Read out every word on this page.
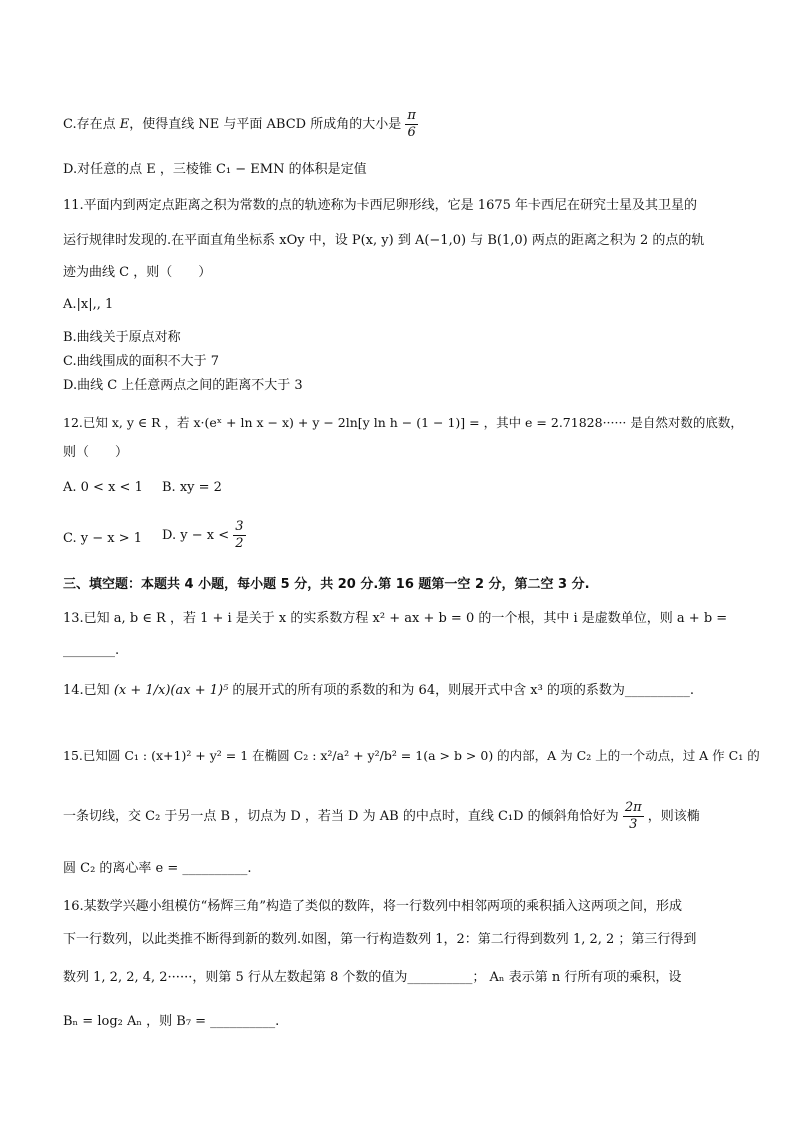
C.存在点 E，使得直线 NE 与平面 ABCD 所成角的大小是 $\frac{\pi}{6}$
D.对任意的点 E ，三棱锥 C₁ − EMN 的体积是定值
11.平面内到两定点距离之积为常数的点的轨迹称为卡西尼卵形线，它是 1675 年卡西尼在研究士星及其卫星的
运行规律时发现的.在平面直角坐标系 xOy 中，设 P(x, y) 到 A(−1,0) 与 B(1,0) 两点的距离之积为 2 的点的轨
迹为曲线 C ，则（　　）
A.|x|,, 1
B.曲线关于原点对称
C.曲线围成的面积不大于 7
D.曲线 C 上任意两点之间的距离不大于 3
12.已知 x, y ∈ R ，若 x·(eˣ + ln x − x) + y − 2ln[y ln h − (1 − 1)] = ，其中 e = 2.71828······ 是自然对数的底数，
则（　　）
A. 0 < x < 1 B. xy = 2
C. y − x > 1 D. $y - x < \frac{3}{2}$
三、填空题：本题共 4 小题，每小题 5 分，共 20 分.第 16 题第一空 2 分，第二空 3 分.
13.已知 a, b ∈ R ，若 1 + i 是关于 x 的实系数方程 x² + ax + b = 0 的一个根，其中 i 是虚数单位，则 a + b =
________.
14.已知 (x + 1/x)(ax + 1)⁵ 的展开式的所有项的系数的和为 64，则展开式中含 x³ 的项的系数为__________.
15.已知圆 C₁ : (x+1)² + y² = 1 在椭圆 C₂ : x²/a² + y²/b² = 1(a > b > 0) 的内部，A 为 C₂ 上的一个动点，过 A 作 C₁ 的
一条切线，交 C₂ 于另一点 B ，切点为 D ，若当 D 为 AB 的中点时，直线 C₁D 的倾斜角恰好为 $\frac{2\pi}{3}$ ，则该椭
圆 C₂ 的离心率 e = __________.
16.某数学兴趣小组模仿“杨辉三角”构造了类似的数阵，将一行数列中相邻两项的乘积插入这两项之间，形成
下一行数列，以此类推不断得到新的数列.如图，第一行构造数列 1，2：第二行得到数列 1, 2, 2 ；第三行得到
数列 1, 2, 2, 4, 2······，则第 5 行从左数起第 8 个数的值为__________； Aₙ 表示第 n 行所有项的乘积，设
Bₙ = log₂ Aₙ ，则 B₇ = __________.
